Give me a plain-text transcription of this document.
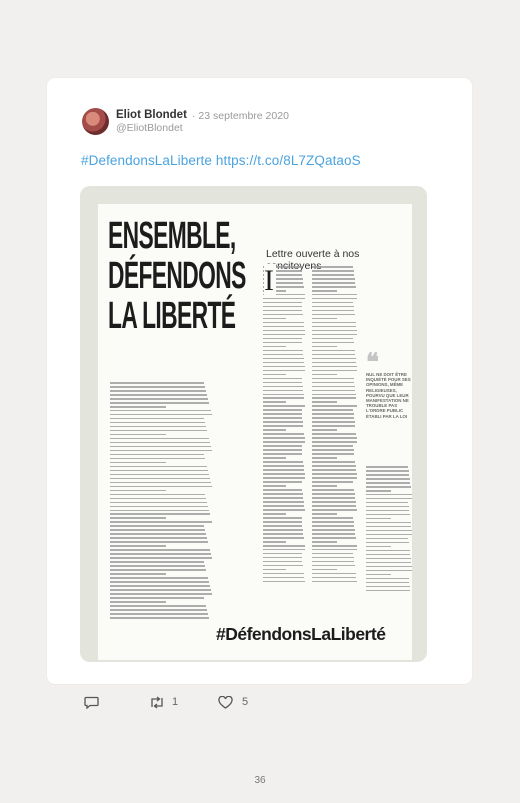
Eliot Blondet · 23 septembre 2020
@EliotBlondet
#DefendonsLaLiberte https://t.co/8L7ZQataoS
ENSEMBLE,
DÉFENDONS
LA LIBERTÉ
Lettre ouverte à nos
I
❝
NUL NE DOIT ÊTRE INQUIÉTÉ POUR SES OPINIONS, MÊME RELIGIEUSES, POURVU QUE LEUR MANIFESTATION NE TROUBLE PAS L'ORDRE PUBLIC ÉTABLI PAR LA LOI
#DéfendonsLaLiberté
1	5
36
